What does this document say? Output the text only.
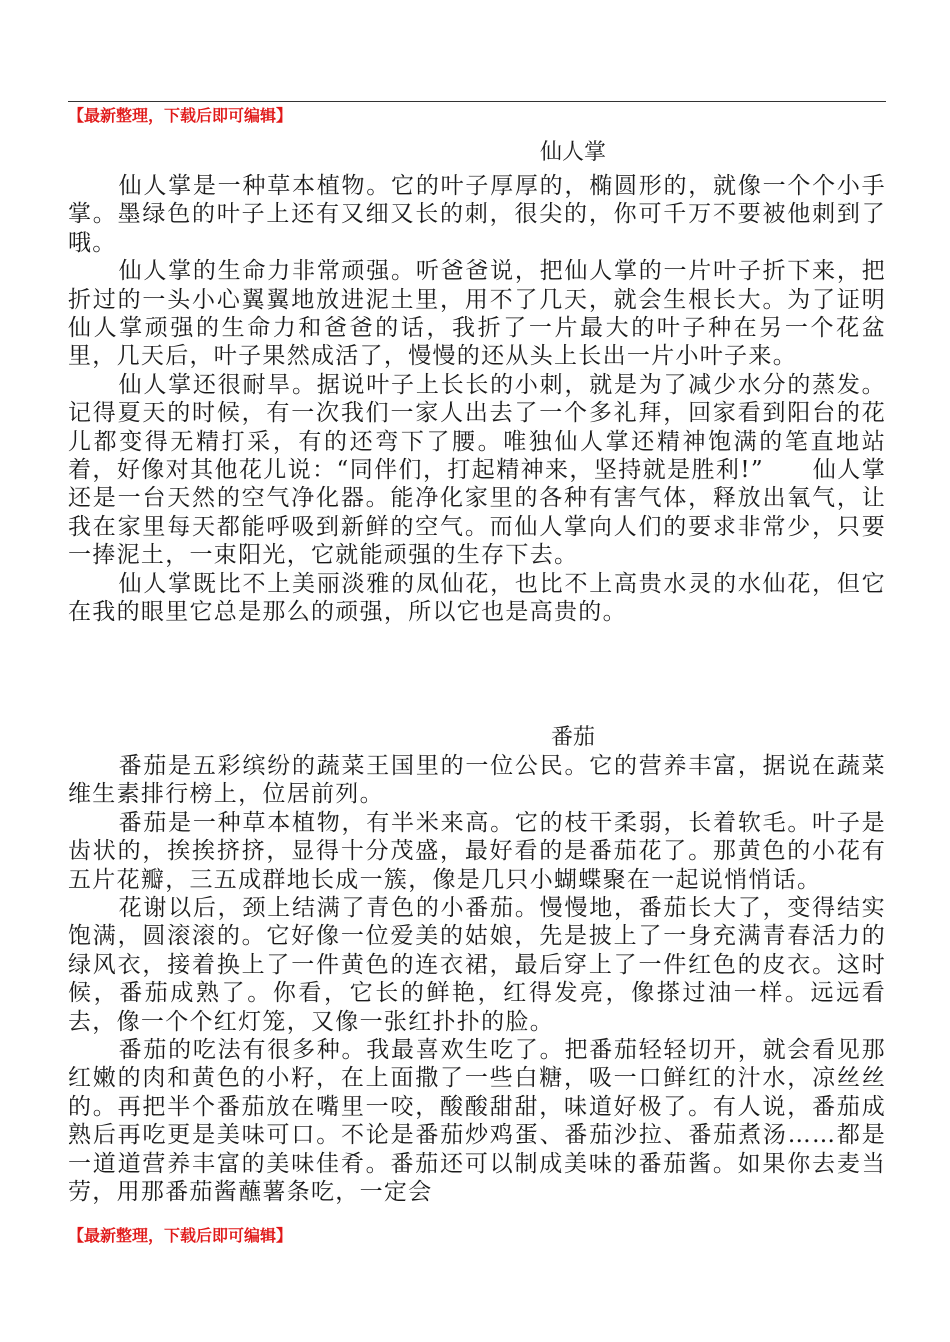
【最新整理，下载后即可编辑】
仙人掌

仙人掌是一种草本植物。它的叶子厚厚的，椭圆形的，就像一个个小手掌。墨绿色的叶子上还有又细又长的刺，很尖的，你可千万不要被他刺到了哦。

仙人掌的生命力非常顽强。听爸爸说，把仙人掌的一片叶子折下来，把折过的一头小心翼翼地放进泥土里，用不了几天，就会生根长大。为了证明仙人掌顽强的生命力和爸爸的话，我折了一片最大的叶子种在另一个花盆里，几天后，叶子果然成活了，慢慢的还从头上长出一片小叶子来。

仙人掌还很耐旱。据说叶子上长长的小刺，就是为了减少水分的蒸发。记得夏天的时候，有一次我们一家人出去了一个多礼拜，回家看到阳台的花儿都变得无精打采，有的还弯下了腰。唯独仙人掌还精神饱满的笔直地站着，好像对其他花儿说：“同伴们，打起精神来，坚持就是胜利!”　　仙人掌还是一台天然的空气净化器。能净化家里的各种有害气体，释放出氧气，让我在家里每天都能呼吸到新鲜的空气。而仙人掌向人们的要求非常少，只要一捧泥土，一束阳光，它就能顽强的生存下去。

仙人掌既比不上美丽淡雅的凤仙花，也比不上高贵水灵的水仙花，但它在我的眼里它总是那么的顽强，所以它也是高贵的。

番茄

番茄是五彩缤纷的蔬菜王国里的一位公民。它的营养丰富，据说在蔬菜维生素排行榜上，位居前列。

番茄是一种草本植物，有半米来高。它的枝干柔弱，长着软毛。叶子是齿状的，挨挨挤挤，显得十分茂盛，最好看的是番茄花了。那黄色的小花有五片花瓣，三五成群地长成一簇，像是几只小蝴蝶聚在一起说悄悄话。

花谢以后，颈上结满了青色的小番茄。慢慢地，番茄长大了，变得结实饱满，圆滚滚的。它好像一位爱美的姑娘，先是披上了一身充满青春活力的绿风衣，接着换上了一件黄色的连衣裙，最后穿上了一件红色的皮衣。这时候，番茄成熟了。你看，它长的鲜艳，红得发亮，像搽过油一样。远远看去，像一个个红灯笼，又像一张红扑扑的脸。

番茄的吃法有很多种。我最喜欢生吃了。把番茄轻轻切开，就会看见那红嫩的肉和黄色的小籽，在上面撒了一些白糖，吸一口鲜红的汁水，凉丝丝的。再把半个番茄放在嘴里一咬，酸酸甜甜，味道好极了。有人说，番茄成熟后再吃更是美味可口。不论是番茄炒鸡蛋、番茄沙拉、番茄煮汤……都是一道道营养丰富的美味佳肴。番茄还可以制成美味的番茄酱。如果你去麦当劳，用那番茄酱蘸薯条吃，一定会

【最新整理，下载后即可编辑】
